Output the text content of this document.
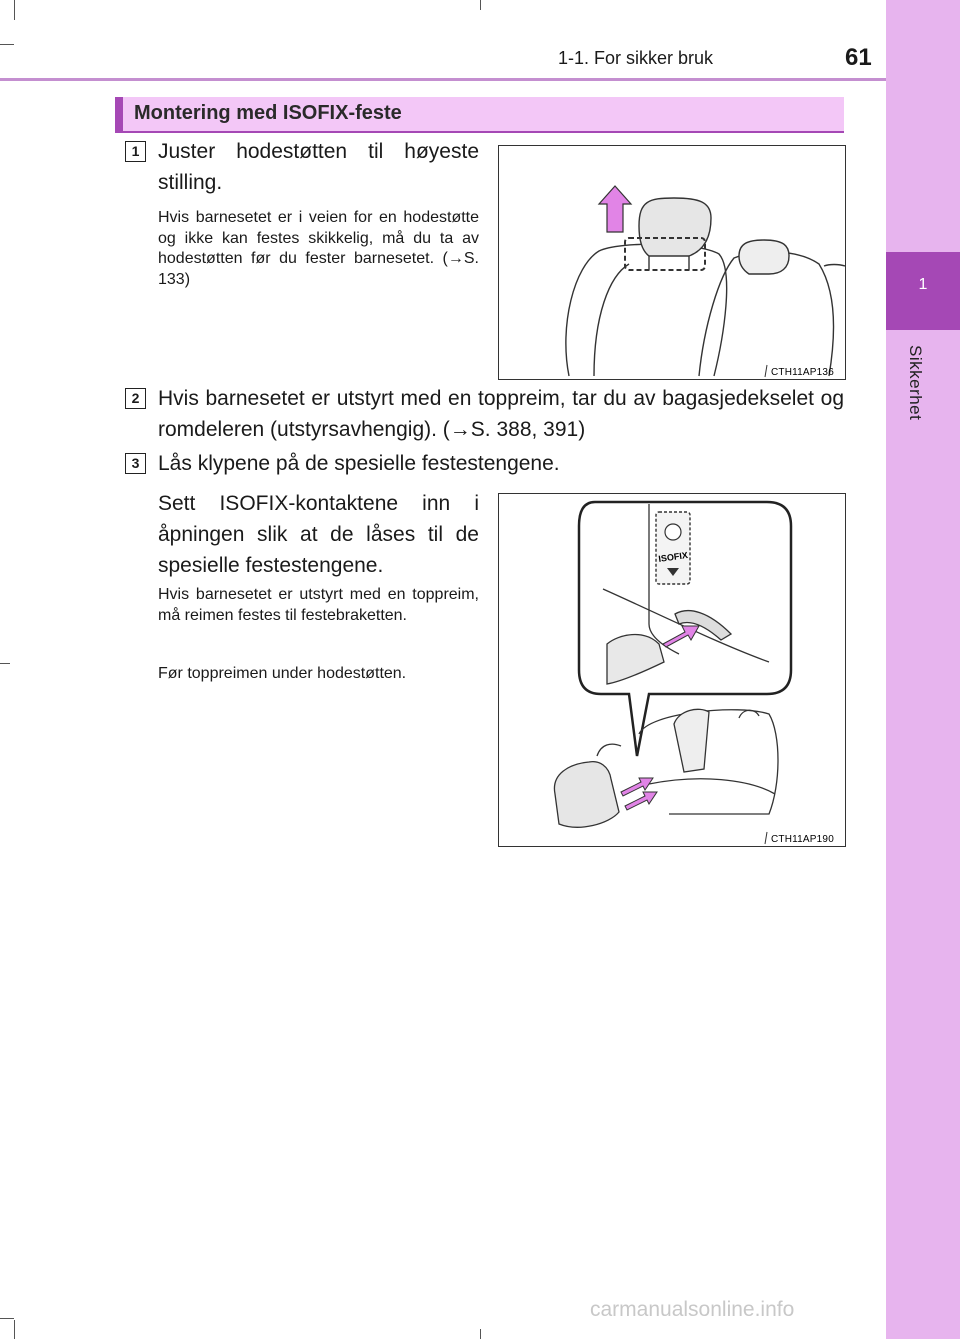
1-1. For sikker bruk	61
1
Sikkerhet
Montering med ISOFIX-feste
1 Juster hodestøtten til høyeste stilling.
Hvis barnesetet er i veien for en hodestøtte og ikke kan festes skikkelig, må du ta av hodestøtten før du fester barnesetet. (→S. 133)
CTH11AP136
2 Hvis barnesetet er utstyrt med en toppreim, tar du av bagasjedekselet og romdeleren (utstyrsavhengig). (→S. 388, 391)
3 Lås klypene på de spesielle festestengene.
Sett ISOFIX-kontaktene inn i åpningen slik at de låses til de spesielle festestengene.
Hvis barnesetet er utstyrt med en toppreim, må reimen festes til festebraketten.
Før toppreimen under hodestøtten.
ISOFIX
CTH11AP190
carmanualsonline.info
